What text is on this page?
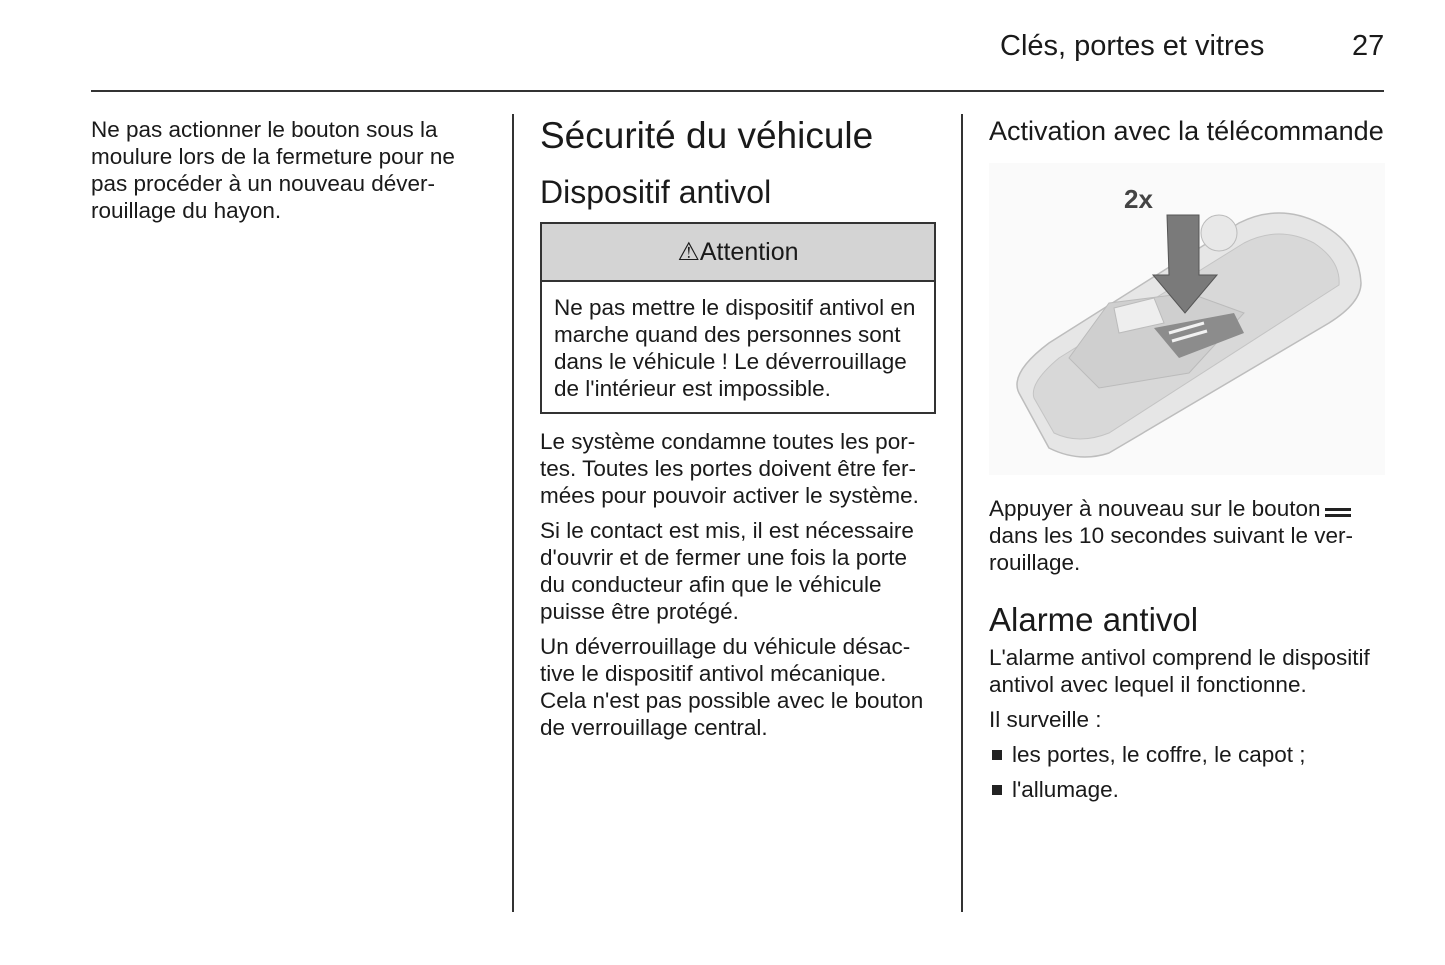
Clés, portes et vitres	27

Ne pas actionner le bouton sous la moulure lors de la fermeture pour ne pas procéder à un nouveau déverrouillage du hayon.

Sécurité du véhicule
Dispositif antivol
⚠Attention
Ne pas mettre le dispositif antivol en marche quand des personnes sont dans le véhicule ! Le déverrouillage de l'intérieur est impossible.

Le système condamne toutes les portes. Toutes les portes doivent être fermées pour pouvoir activer le système.

Si le contact est mis, il est nécessaire d'ouvrir et de fermer une fois la porte du conducteur afin que le véhicule puisse être protégé.

Un déverrouillage du véhicule désactive le dispositif antivol mécanique. Cela n'est pas possible avec le bouton de verrouillage central.

Activation avec la télécommande
2x

Appuyer à nouveau sur le bouton dans les 10 secondes suivant le verrouillage.

Alarme antivol

L'alarme antivol comprend le dispositif antivol avec lequel il fonctionne.

Il surveille :

les portes, le coffre, le capot ;
l'allumage.
